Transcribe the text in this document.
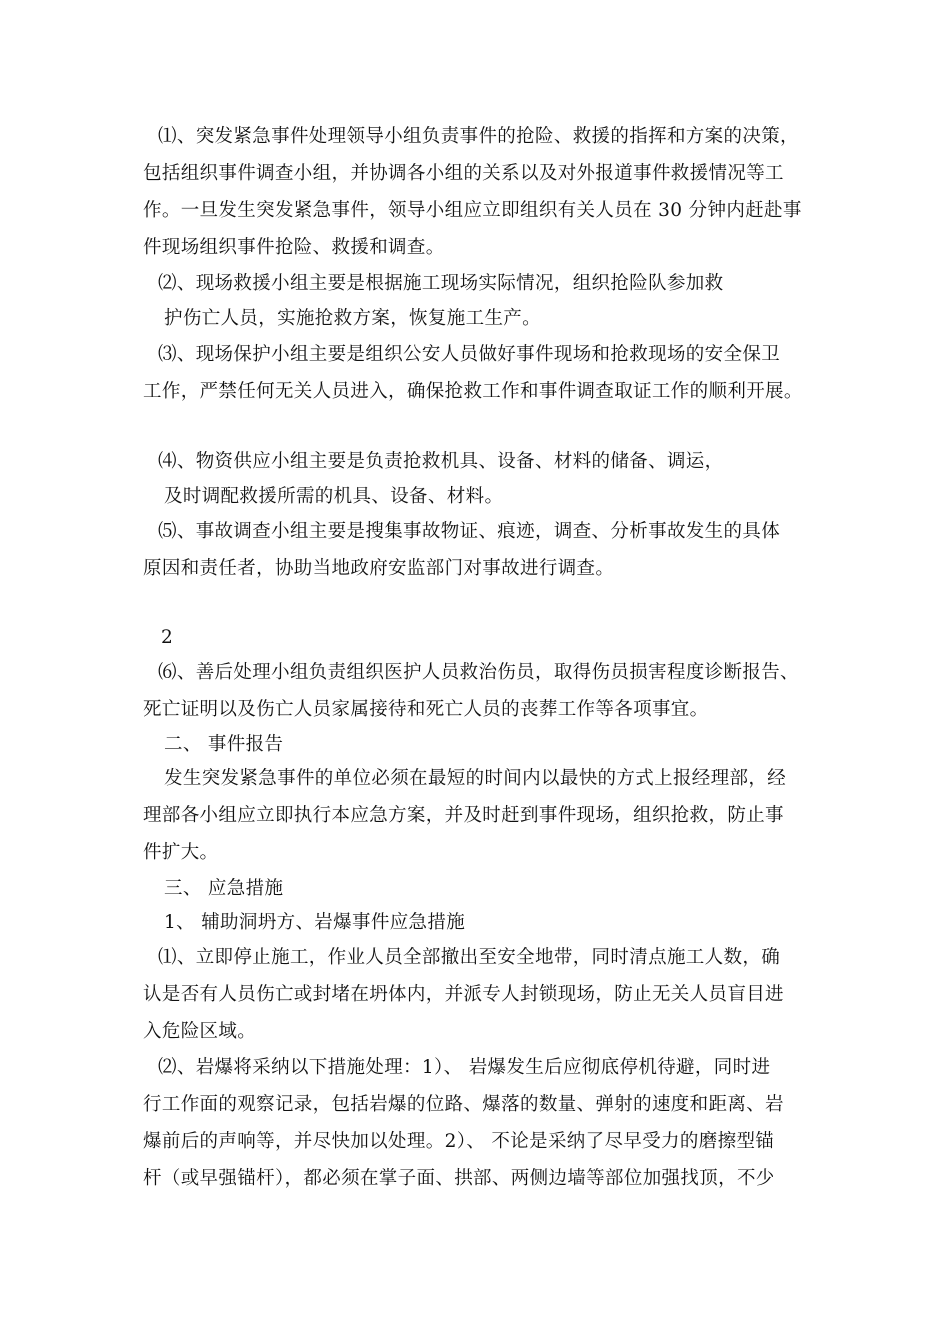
⑴、突发紧急事件处理领导小组负责事件的抢险、救援的指挥和方案的决策，
包括组织事件调查小组，并协调各小组的关系以及对外报道事件救援情况等工
作。一旦发生突发紧急事件，领导小组应立即组织有关人员在 30 分钟内赶赴事
件现场组织事件抢险、救援和调查。
⑵、现场救援小组主要是根据施工现场实际情况，组织抢险队参加救
护伤亡人员，实施抢救方案，恢复施工生产。
⑶、现场保护小组主要是组织公安人员做好事件现场和抢救现场的安全保卫
工作，严禁任何无关人员进入，确保抢救工作和事件调查取证工作的顺利开展。
⑷、物资供应小组主要是负责抢救机具、设备、材料的储备、调运，
及时调配救援所需的机具、设备、材料。
⑸、事故调查小组主要是搜集事故物证、痕迹，调查、分析事故发生的具体
原因和责任者，协助当地政府安监部门对事故进行调查。
2
⑹、善后处理小组负责组织医护人员救治伤员，取得伤员损害程度诊断报告、
死亡证明以及伤亡人员家属接待和死亡人员的丧葬工作等各项事宜。
二、 事件报告
发生突发紧急事件的单位必须在最短的时间内以最快的方式上报经理部，经
理部各小组应立即执行本应急方案，并及时赶到事件现场，组织抢救，防止事
件扩大。
三、 应急措施
1、 辅助洞坍方、岩爆事件应急措施
⑴、立即停止施工，作业人员全部撤出至安全地带，同时清点施工人数，确
认是否有人员伤亡或封堵在坍体内，并派专人封锁现场，防止无关人员盲目进
入危险区域。
⑵、岩爆将采纳以下措施处理：1）、 岩爆发生后应彻底停机待避，同时进
行工作面的观察记录，包括岩爆的位路、爆落的数量、弹射的速度和距离、岩
爆前后的声响等，并尽快加以处理。2）、 不论是采纳了尽早受力的磨擦型锚
杆（或早强锚杆），都必须在掌子面、拱部、两侧边墙等部位加强找顶，不少
